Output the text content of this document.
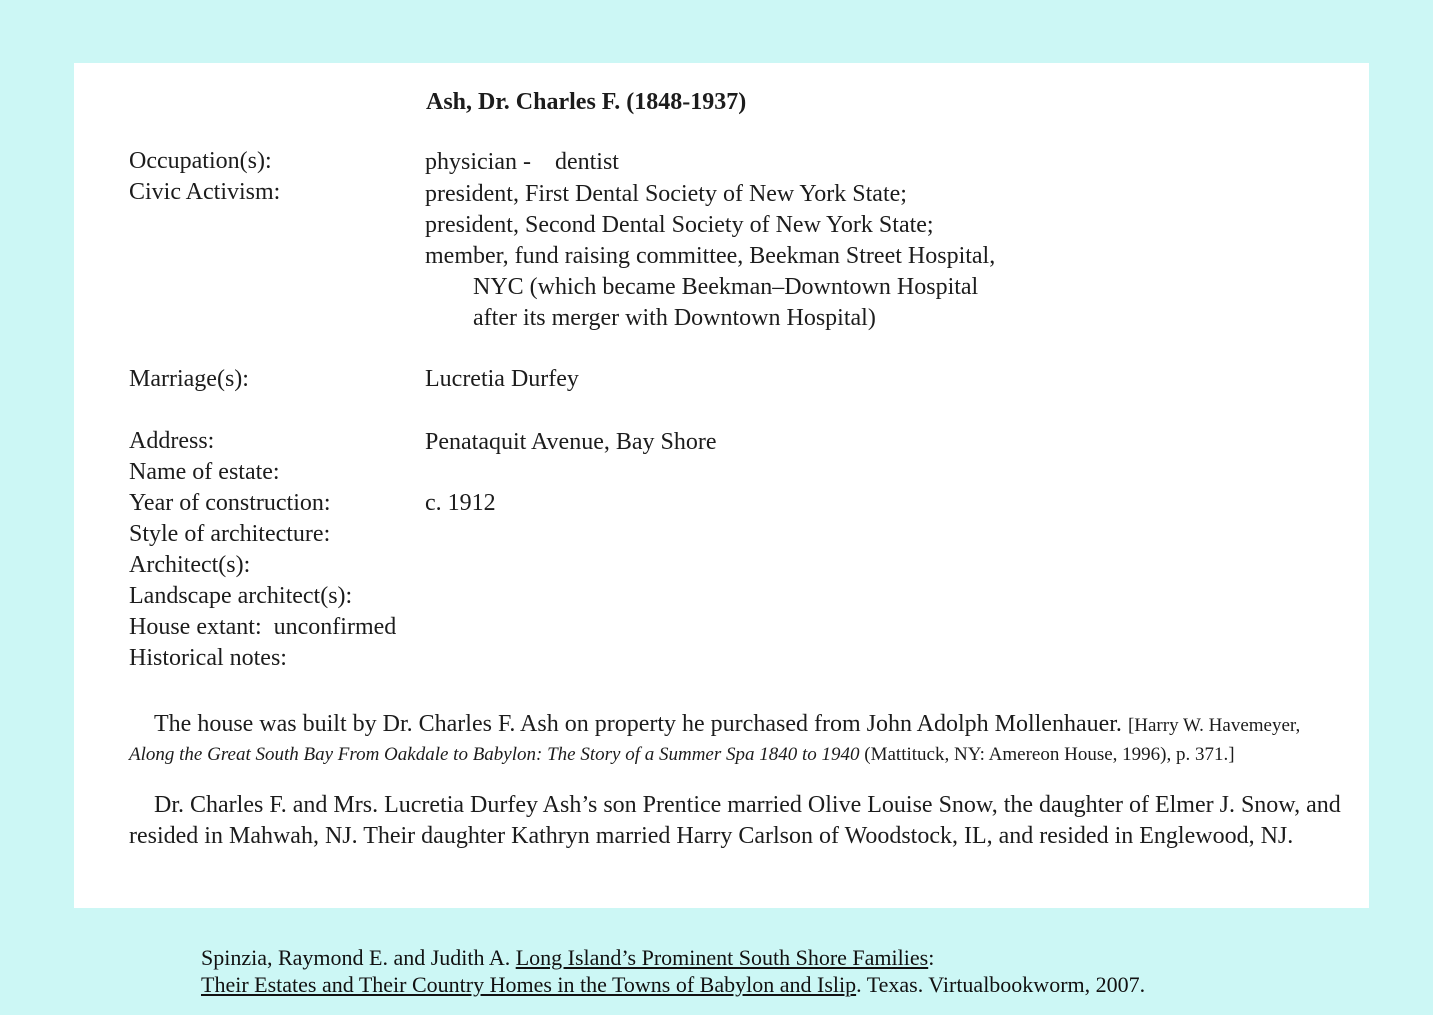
Ash, Dr. Charles F. (1848-1937)
Occupation(s):	physician -    dentist
Civic Activism:	president, First Dental Society of New York State;
president, Second Dental Society of New York State;
member, fund raising committee, Beekman Street Hospital,
NYC (which became Beekman–Downtown Hospital
after its merger with Downtown Hospital)
Marriage(s):	Lucretia Durfey
Address:	Penataquit Avenue, Bay Shore
Name of estate:
Year of construction:	c. 1912
Style of architecture:
Architect(s):
Landscape architect(s):
House extant:  unconfirmed
Historical notes:
The house was built by Dr. Charles F. Ash on property he purchased from John Adolph Mollenhauer. [Harry W. Havemeyer, Along the Great South Bay From Oakdale to Babylon: The Story of a Summer Spa 1840 to 1940 (Mattituck, NY: Amereon House, 1996), p. 371.]
Dr. Charles F. and Mrs. Lucretia Durfey Ash’s son Prentice married Olive Louise Snow, the daughter of Elmer J. Snow, and resided in Mahwah, NJ. Their daughter Kathryn married Harry Carlson of Woodstock, IL, and resided in Englewood, NJ.
Spinzia, Raymond E. and Judith A. Long Island’s Prominent South Shore Families:
Their Estates and Their Country Homes in the Towns of Babylon and Islip. Texas. Virtualbookworm, 2007.
